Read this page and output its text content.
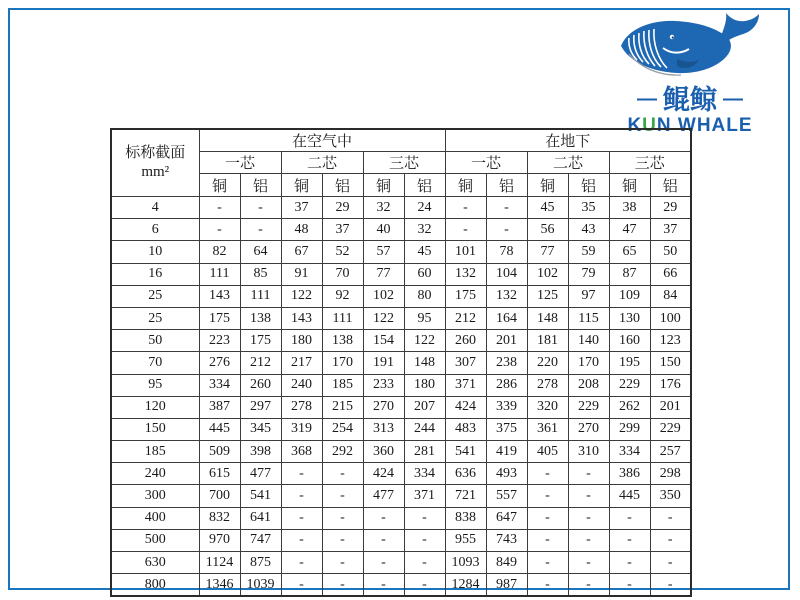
— 鲲鲸 —
KUN WHALE
标称截面
mm²	在空气中						在地下					
	一芯		二芯		三芯		一芯		二芯		三芯	
	铜	铝	铜	铝	铜	铝	铜	铝	铜	铝	铜	铝
4	-	-	37	29	32	24	-	-	45	35	38	29
6	-	-	48	37	40	32	-	-	56	43	47	37
10	82	64	67	52	57	45	101	78	77	59	65	50
16	111	85	91	70	77	60	132	104	102	79	87	66
25	143	111	122	92	102	80	175	132	125	97	109	84
25	175	138	143	111	122	95	212	164	148	115	130	100
50	223	175	180	138	154	122	260	201	181	140	160	123
70	276	212	217	170	191	148	307	238	220	170	195	150
95	334	260	240	185	233	180	371	286	278	208	229	176
120	387	297	278	215	270	207	424	339	320	229	262	201
150	445	345	319	254	313	244	483	375	361	270	299	229
185	509	398	368	292	360	281	541	419	405	310	334	257
240	615	477	-	-	424	334	636	493	-	-	386	298
300	700	541	-	-	477	371	721	557	-	-	445	350
400	832	641	-	-	-	-	838	647	-	-	-	-
500	970	747	-	-	-	-	955	743	-	-	-	-
630	1124	875	-	-	-	-	1093	849	-	-	-	-
800	1346	1039	-	-	-	-	1284	987	-	-	-	-
